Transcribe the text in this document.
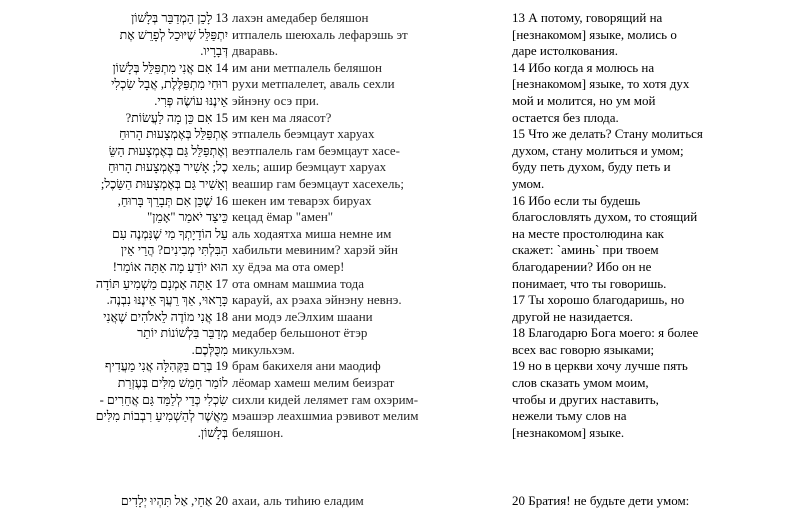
13 לָכֵן הַמְדַבֵּר בְּלָשׁוֹן
יִתְפַּלֵּל שֶׁיּוּכַל לְפָרֵשׁ אֶת
דְּבָרָיו.
14 אִם אֲנִי מִתְפַּלֵּל בְּלָשׁוֹן
רוּחִי מִתְפַּלֶּלֶת, אֲבָל שִׂכְלִי
אֵינֶנּוּ עוֹשֶׂה פְּרִי.
15 אִם כֵּן מָה לַעֲשׂוֹת?
אֶתְפַּלֵּל בְּאֶמְצָעוּת הָרוּחַ
וְאֶתְפַּלֵּל גַּם בְּאֶמְצָעוּת הַשֵּׂ
כֶל; אָשִׁיר בְּאֶמְצָעוּת הָרוּחַ
וְאָשִׁיר גַּם בְּאֶמְצָעוּת הַשֵּׂכֶל;
16 שֶׁכֵּן אִם תְּבָרֵךְ בָּרוּחַ,
כֵּיצַד יֹאמַר "אָמֵן"
עַל הוֹדָיָתְךָ מִי שֶׁנִּמְנֶה עִם
הַבִּלְתִּי מְבִינִים? הֲרֵי אֵין
הוּא יוֹדֵעַ מָה אַתָּה אוֹמֵר!
17 אַתָּה אָמְנָם מַשְׁמִיעַ תּוֹדָה
כָּרָאוּי, אַךְ רֵעֲךָ אֵינֶנּוּ נִבְנֶה.
18 אֲנִי מוֹדֶה לֵאלֹהִים שֶׁאֲנִי
מְדַבֵּר בִּלְשׁוֹנוֹת יוֹתֵר
מִכֻּלְּכֶם.
19 בְּרַם בַּקְּהִלָּה אֲנִי מַעֲדִיף
לוֹמַר חָמֵשׁ מִלִּים בְּעֶזְרַת
שִׂכְלִי כְּדֵי לְלַמֵּד גַּם אֲחֵרִים -
מֵאֲשֶׁר לְהַשְׁמִיעַ רִבְבוֹת מִלִּים
בְּלָשׁוֹן.
лахэн амедабер беляшон
итпалель шеюхаль лефарэшь эт
дваравь.
им ани метпалель беляшон
рухи метпалелет, аваль сехли
эйнэну осэ при.
им кен ма ляасот?
этпалель беэмцаут харуах
веэтпалель гам беэмцаут хасе-
хель; ашир беэмцаут харуах
вeашир гам беэмцаут хасехель;
шекен им теварэх бируах
кецад ёмар "амен"
аль ходаятха миша немне им
хабильти мевиним? харэй эйн
ху ёдэа ма ота омер!
ота омнам машмиа тода
караyй, ах рэаха эйнэну невнэ.
ани модэ леЭлхим шаани
медабер бельшонот ётэр
микульхэм.
брам бакихеля ани маодиф
лёомар хамеш мелим беизрат
сихли кидей лелямет гам охэрим-
мэашэр леахшмиа рэвивот мелим
беляшон.
13 А потому, говорящий на
[незнакомом] языке, молись о
даре истолкования.
14 Ибо когда я молюсь на
[незнакомом] языке, то хотя дух
мой и молится, но ум мой
остается без плода.
15 Что же делать? Стану молиться
духом, стану молиться и умом;
буду петь духом, буду петь и
умом.
16 Ибо если ты будешь
благословлять духом, то стоящий
на месте простолюдина как
скажет: `аминь` при твоем
благодарении? Ибо он не
понимает, что ты говоришь.
17 Ты хорошо благодаришь, но
другой не назидается.
18 Благодарю Бога моего: я более
всех вас говорю языками;
19 но в церкви хочу лучше пять
слов сказать умом моим,
чтобы и других наставить,
нежели тьму слов на
[незнакомом] языке.
20 אַחַי, אַל תִּהְיוּ יְלָדִים ахаи, аль тиhию еладим	20 Братия! не будьте дети умом:
